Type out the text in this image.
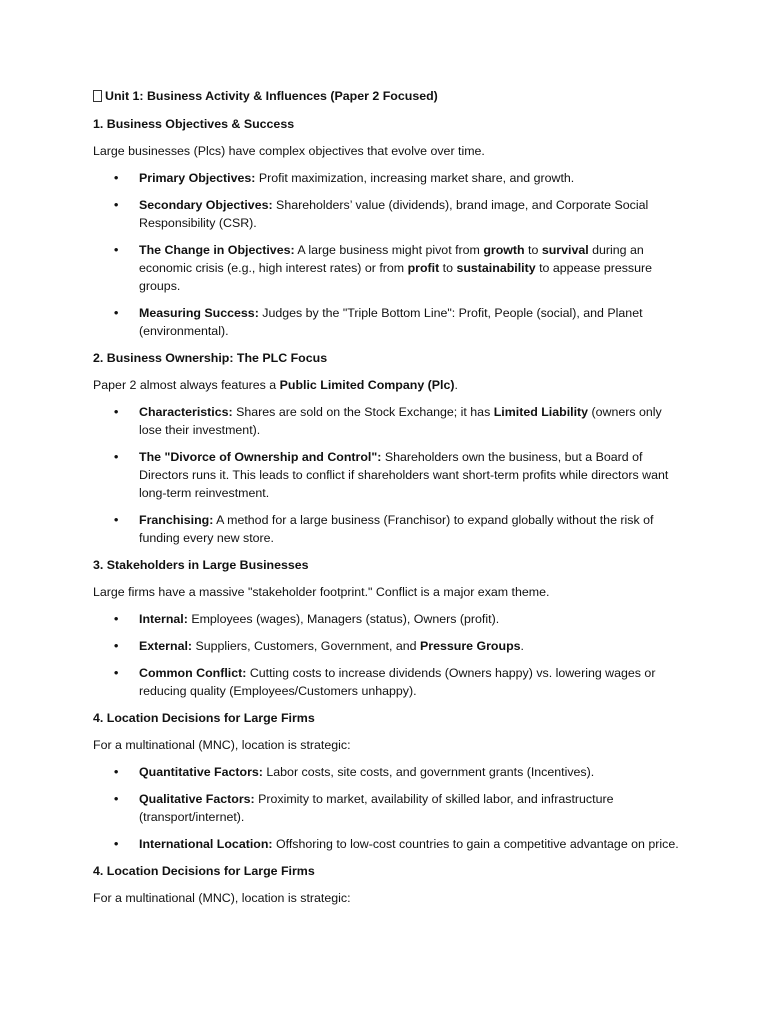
Unit 1: Business Activity & Influences (Paper 2 Focused)
1. Business Objectives & Success

Large businesses (Plcs) have complex objectives that evolve over time.

• Primary Objectives: Profit maximization, increasing market share, and growth.
• Secondary Objectives: Shareholders’ value (dividends), brand image, and Corporate Social Responsibility (CSR).
• The Change in Objectives: A large business might pivot from growth to survival during an economic crisis (e.g., high interest rates) or from profit to sustainability to appease pressure groups.
• Measuring Success: Judges by the "Triple Bottom Line": Profit, People (social), and Planet (environmental).
2. Business Ownership: The PLC Focus

Paper 2 almost always features a Public Limited Company (Plc).

• Characteristics: Shares are sold on the Stock Exchange; it has Limited Liability (owners only lose their investment).
• The "Divorce of Ownership and Control": Shareholders own the business, but a Board of Directors runs it. This leads to conflict if shareholders want short-term profits while directors want long-term reinvestment.
• Franchising: A method for a large business (Franchisor) to expand globally without the risk of funding every new store.
3. Stakeholders in Large Businesses

Large firms have a massive "stakeholder footprint." Conflict is a major exam theme.

• Internal: Employees (wages), Managers (status), Owners (profit).
• External: Suppliers, Customers, Government, and Pressure Groups.
• Common Conflict: Cutting costs to increase dividends (Owners happy) vs. lowering wages or reducing quality (Employees/Customers unhappy).
4. Location Decisions for Large Firms

For a multinational (MNC), location is strategic:

• Quantitative Factors: Labor costs, site costs, and government grants (Incentives).
• Qualitative Factors: Proximity to market, availability of skilled labor, and infrastructure (transport/internet).
• International Location: Offshoring to low-cost countries to gain a competitive advantage on price.
4. Location Decisions for Large Firms

For a multinational (MNC), location is strategic:
